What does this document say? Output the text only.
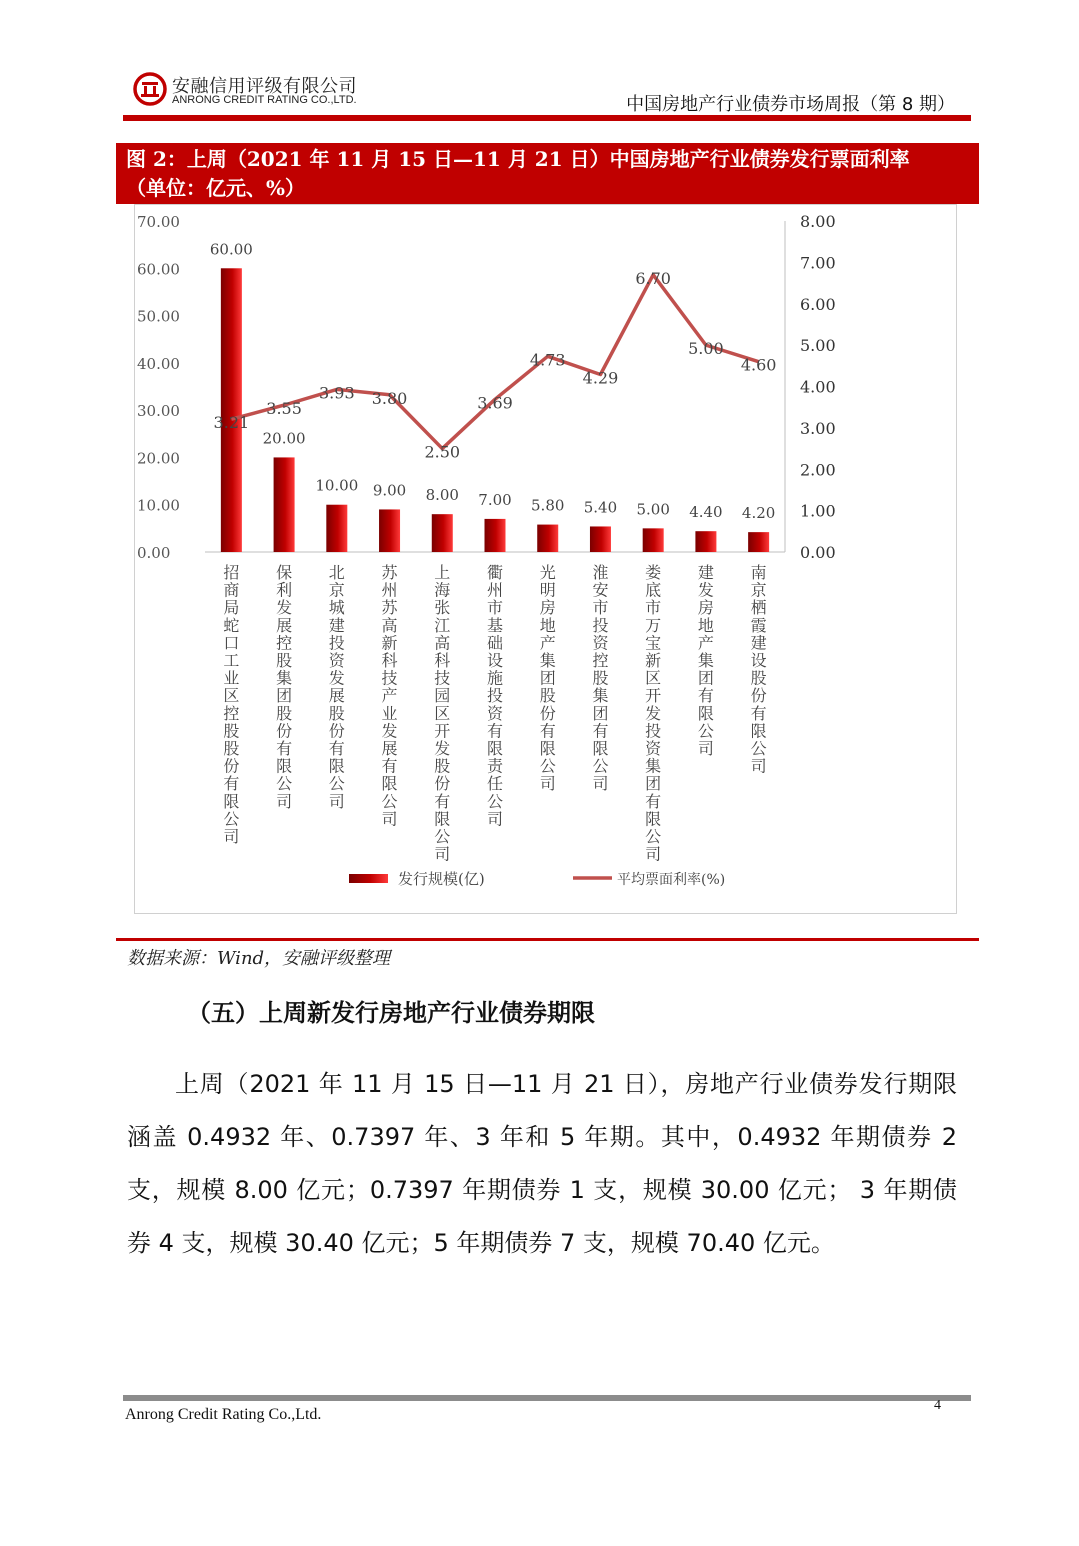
安融信用评级有限公司
ANRONG CREDIT RATING CO.,LTD.	中国房地产行业债券市场周报（第 8 期）
图 2：上周（2021 年 11 月 15 日—11 月 21 日）中国房地产行业债券发行票面利率
（单位：亿元、%）
0.00
10.00
20.00
30.00
40.00
50.00
60.00
70.00
0.00
1.00
2.00
3.00
4.00
5.00
6.00
7.00
8.00
60.00
20.00
10.00 9.00 8.00 7.00 5.80 5.40 5.00 4.40 4.20
3.21
3.55
3.93 3.80
2.50
3.69
4.73
4.29
6.70
5.00
4.60
招商局蛇口工业区控股股份有限公司
保利发展控股集团股份有限公司
北京城建投资发展股份有限公司
苏州苏高新科技产业发展有限公司
上海张江高科技园区开发股份有限公司
衢州市基础设施投资有限责任公司
光明房地产集团股份有限公司
淮安市投资控股集团有限公司
娄底市万宝新区开发投资集团有限公司
建发房地产集团有限公司
南京栖霞建设股份有限公司
发行规模(亿)	平均票面利率(%)
数据来源：Wind，安融评级整理
（五）上周新发行房地产行业债券期限
上周（2021 年 11 月 15 日—11 月 21 日），房地产行业债券发行期限涵盖 0.4932 年、0.7397 年、3 年和 5 年期。其中，0.4932 年期债券 2 支，规模 8.00 亿元；0.7397 年期债券 1 支，规模 30.00 亿元； 3 年期债券 4 支，规模 30.40 亿元；5 年期债券 7 支，规模 70.40 亿元。
Anrong Credit Rating Co.,Ltd.
4
